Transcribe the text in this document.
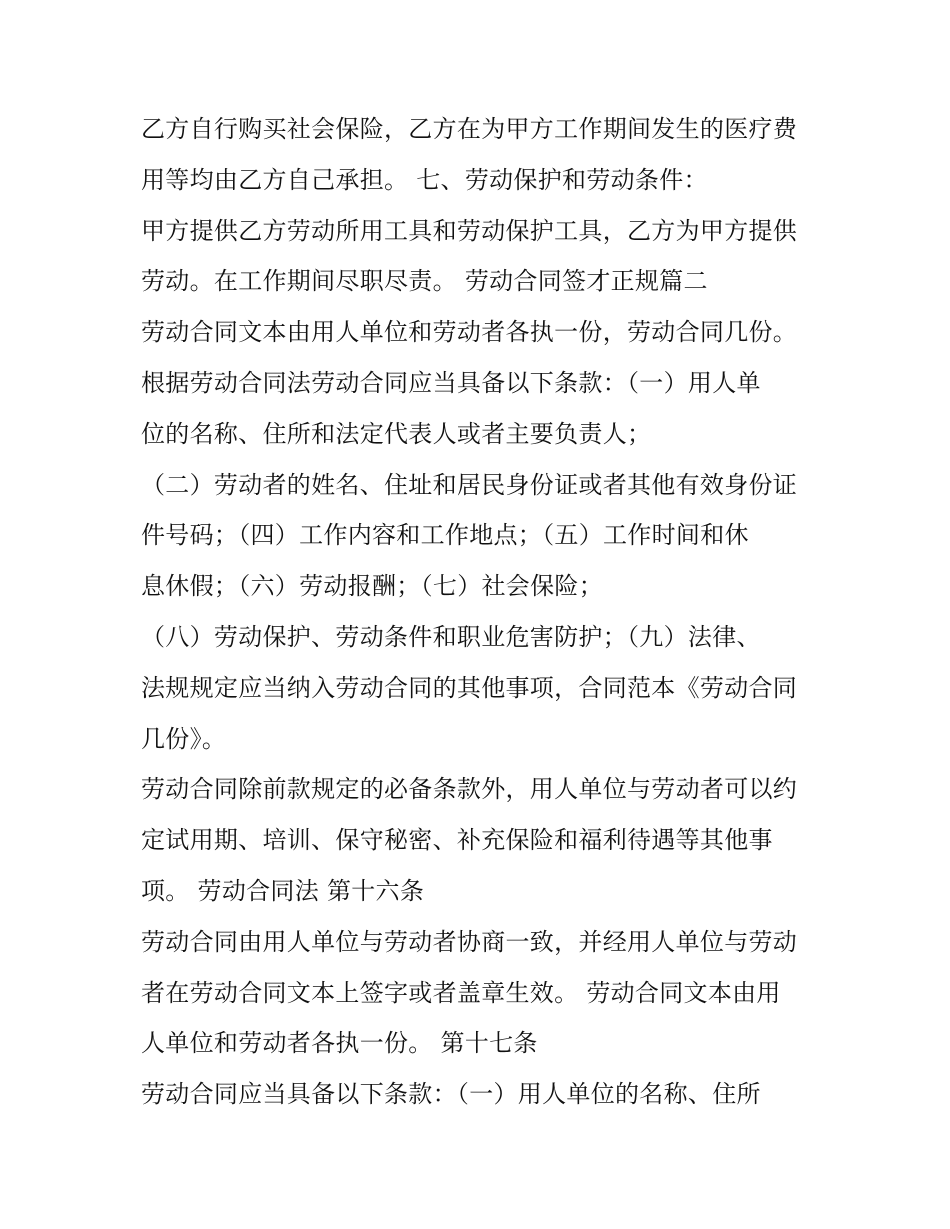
乙方自行购买社会保险，乙方在为甲方工作期间发生的医疗费
用等均由乙方自己承担。 七、劳动保护和劳动条件：
甲方提供乙方劳动所用工具和劳动保护工具，乙方为甲方提供
劳动。在工作期间尽职尽责。 劳动合同签才正规篇二
劳动合同文本由用人单位和劳动者各执一份，劳动合同几份。
根据劳动合同法劳动合同应当具备以下条款：（一）用人单
位的名称、住所和法定代表人或者主要负责人；
（二）劳动者的姓名、住址和居民身份证或者其他有效身份证
件号码；（四）工作内容和工作地点；（五）工作时间和休
息休假；（六）劳动报酬；（七）社会保险；
（八）劳动保护、劳动条件和职业危害防护；（九）法律、
法规规定应当纳入劳动合同的其他事项，合同范本《劳动合同
几份》。
劳动合同除前款规定的必备条款外，用人单位与劳动者可以约
定试用期、培训、保守秘密、补充保险和福利待遇等其他事
项。 劳动合同法 第十六条
劳动合同由用人单位与劳动者协商一致，并经用人单位与劳动
者在劳动合同文本上签字或者盖章生效。 劳动合同文本由用
人单位和劳动者各执一份。 第十七条
劳动合同应当具备以下条款：（一）用人单位的名称、住所
